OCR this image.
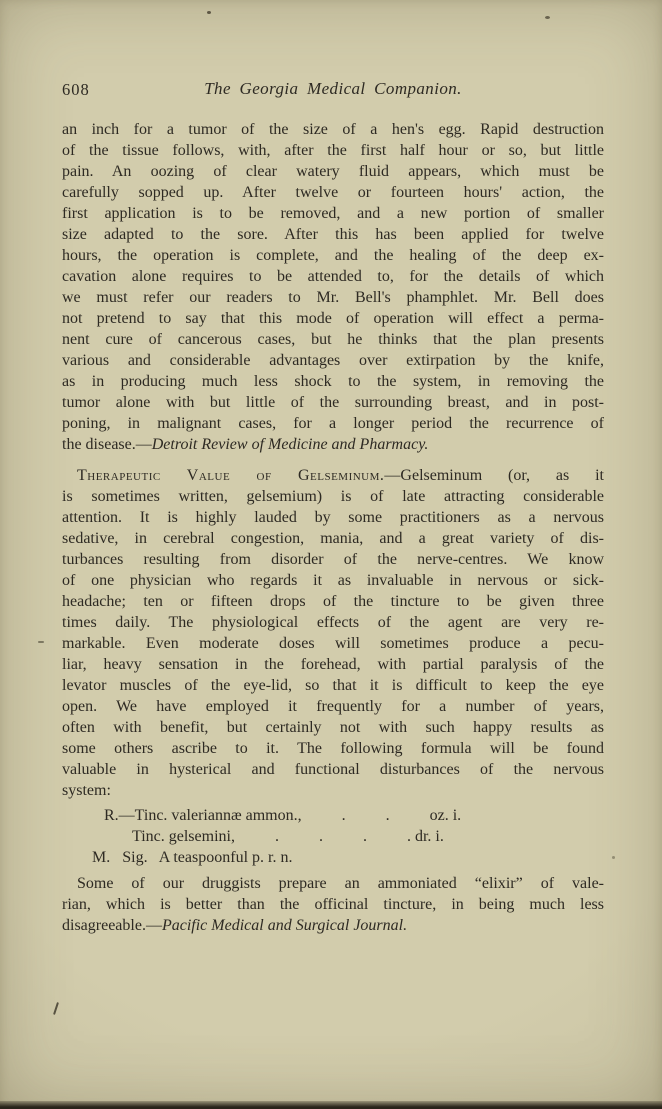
608	The Georgia Medical Companion.
an inch for a tumor of the size of a hen's egg. Rapid destruction
of the tissue follows, with, after the first half hour or so, but little
pain. An oozing of clear watery fluid appears, which must be
carefully sopped up. After twelve or fourteen hours' action, the
first application is to be removed, and a new portion of smaller
size adapted to the sore. After this has been applied for twelve
hours, the operation is complete, and the healing of the deep ex-
cavation alone requires to be attended to, for the details of which
we must refer our readers to Mr. Bell's phamphlet. Mr. Bell does
not pretend to say that this mode of operation will effect a perma-
nent cure of cancerous cases, but he thinks that the plan presents
various and considerable advantages over extirpation by the knife,
as in producing much less shock to the system, in removing the
tumor alone with but little of the surrounding breast, and in post-
poning, in malignant cases, for a longer period the recurrence of
the disease.—Detroit Review of Medicine and Pharmacy.
Therapeutic Value of Gelseminum.—Gelseminum (or, as it
is sometimes written, gelsemium) is of late attracting considerable
attention. It is highly lauded by some practitioners as a nervous
sedative, in cerebral congestion, mania, and a great variety of dis-
turbances resulting from disorder of the nerve-centres. We know
of one physician who regards it as invaluable in nervous or sick-
headache; ten or fifteen drops of the tincture to be given three
times daily. The physiological effects of the agent are very re-
markable. Even moderate doses will sometimes produce a pecu-
liar, heavy sensation in the forehead, with partial paralysis of the
levator muscles of the eye-lid, so that it is difficult to keep the eye
open. We have employed it frequently for a number of years,
often with benefit, but certainly not with such happy results as
some others ascribe to it. The following formula will be found
valuable in hysterical and functional disturbances of the nervous
system:
R.—Tinc. valeriannæ ammon.,          .          .          oz. i.
Tinc. gelsemini,          .          .          .          . dr. i.
M.   Sig.   A teaspoonful p. r. n.
Some of our druggists prepare an ammoniated “elixir” of vale-
rian, which is better than the officinal tincture, in being much less
disagreeable.—Pacific Medical and Surgical Journal.
